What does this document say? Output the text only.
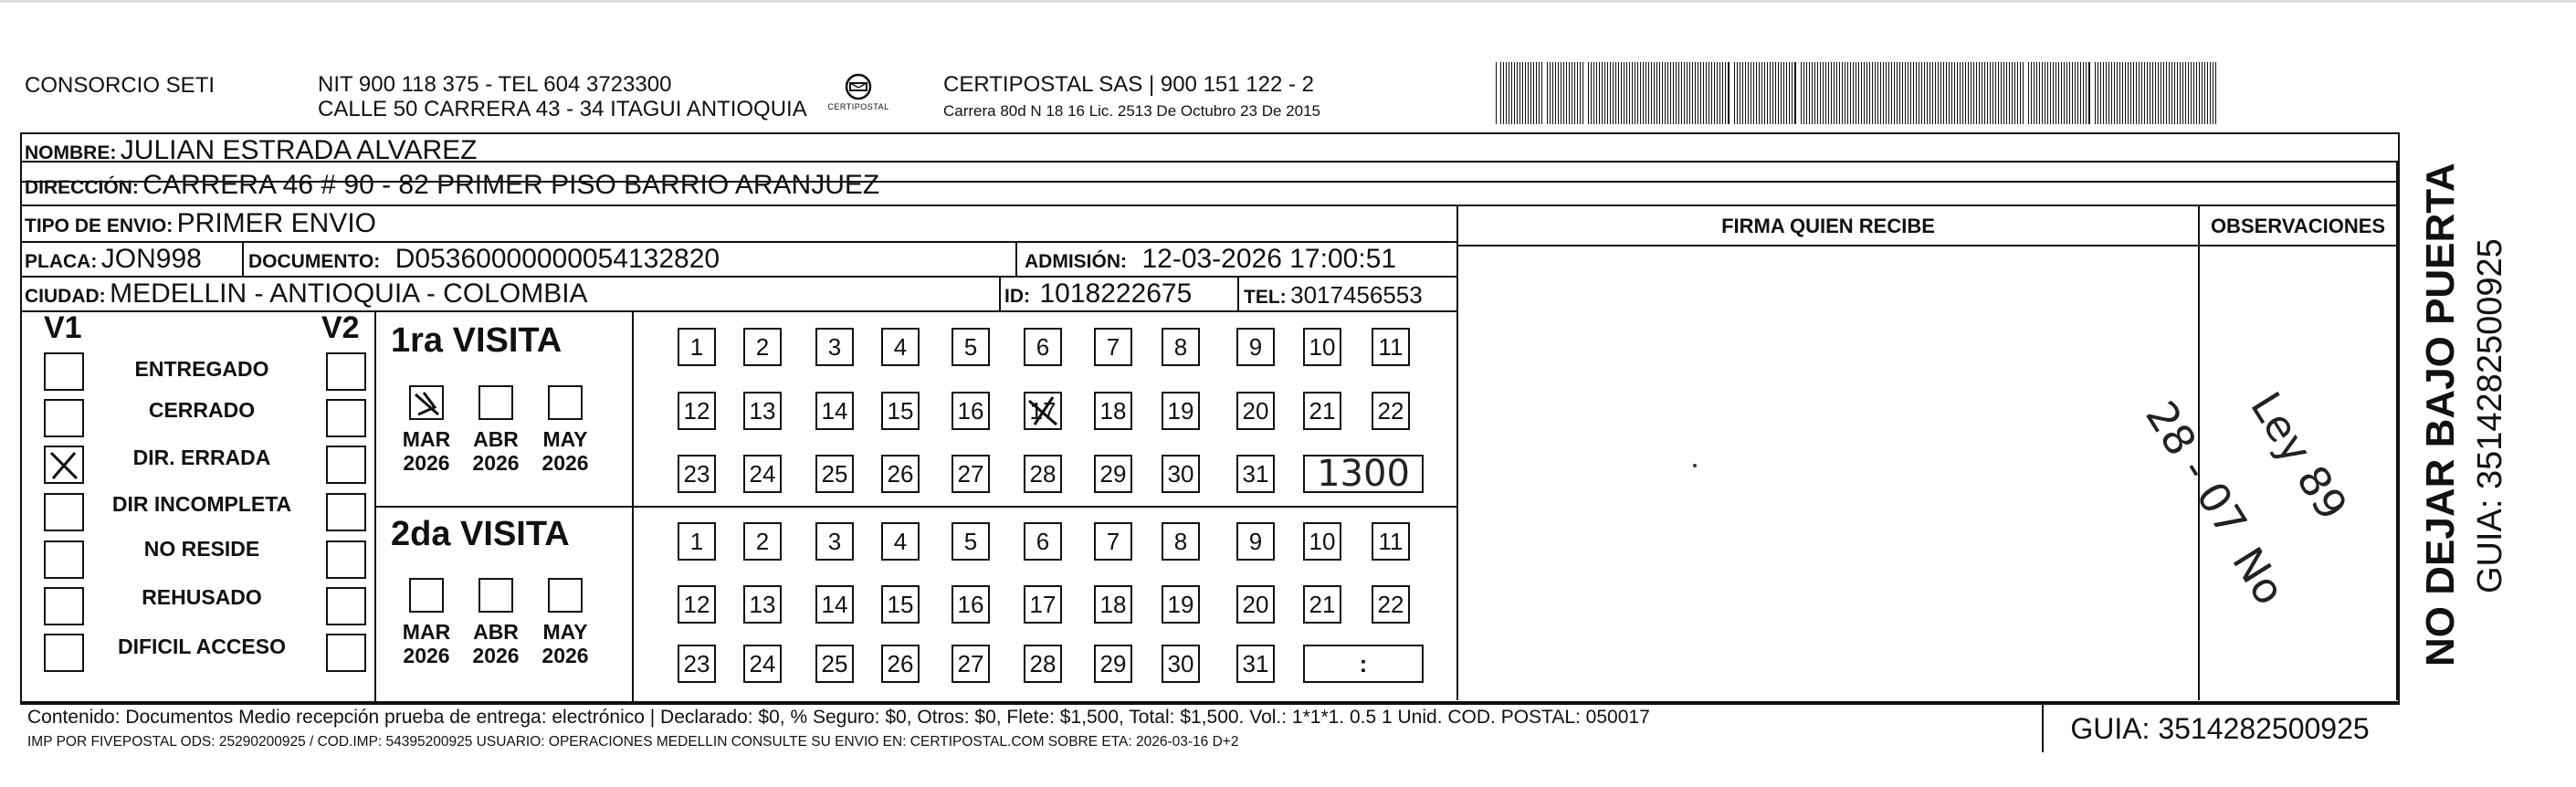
CONSORCIO SETI	NIT 900 118 375 - TEL 604 3723300
CALLE 50 CARRERA 43 - 34 ITAGUI ANTIOQUIA	CERTIPOSTAL
CERTIPOSTAL SAS | 900 151 122 - 2
Carrera 80d N 18 16 Lic. 2513 De Octubro 23 De 2015
NOMBRE: JULIAN ESTRADA ALVAREZ
DIRECCIÓN: CARRERA 46 # 90 - 82 PRIMER PISO BARRIO ARANJUEZ
FIRMA QUIEN RECIBE	OBSERVACIONES
TIPO DE ENVIO: PRIMER ENVIO
PLACA: JON998 DOCUMENTO: D05360000000054132820	ADMISIÓN: 12-03-2026 17:00:51
CIUDAD: MEDELLIN - ANTIOQUIA - COLOMBIA	ID: 1018222675	TEL: 3017456553
V1	V2
ENTREGADO
CERRADO
DIR. ERRADA
DIR INCOMPLETA
NO RESIDE
REHUSADO
DIFICIL ACCESO
1ra VISITA
2da VISITA
MAR
2026
ABR
2026
MAY
2026
MAR
2026
ABR
2026
MAY
2026
1	2	3	4	5	6	7	8	9	10 11
12 13 14 15 16 17 18 19 20 21 22
23 24 25 26 27 28 29 30 31	1300
1	2	3	4	5	6	7	8	9	10 11
12 13 14 15 16 17 18 19 20 21 22
23 24 25 26 27 28 29 30 31	:
28 - 07
Ley 89
No
Contenido: Documentos Medio recepción prueba de entrega: electrónico | Declarado: $0, % Seguro: $0, Otros: $0, Flete: $1,500, Total: $1,500. Vol.: 1*1*1. 0.5 1 Unid. COD. POSTAL: 050017
IMP POR FIVEPOSTAL ODS: 25290200925 / COD.IMP: 54395200925 USUARIO: OPERACIONES MEDELLIN CONSULTE SU ENVIO EN: CERTIPOSTAL.COM SOBRE ETA: 2026-03-16 D+2	GUIA: 3514282500925
NO DEJAR BAJO PUERTA GUIA: 3514282500925
